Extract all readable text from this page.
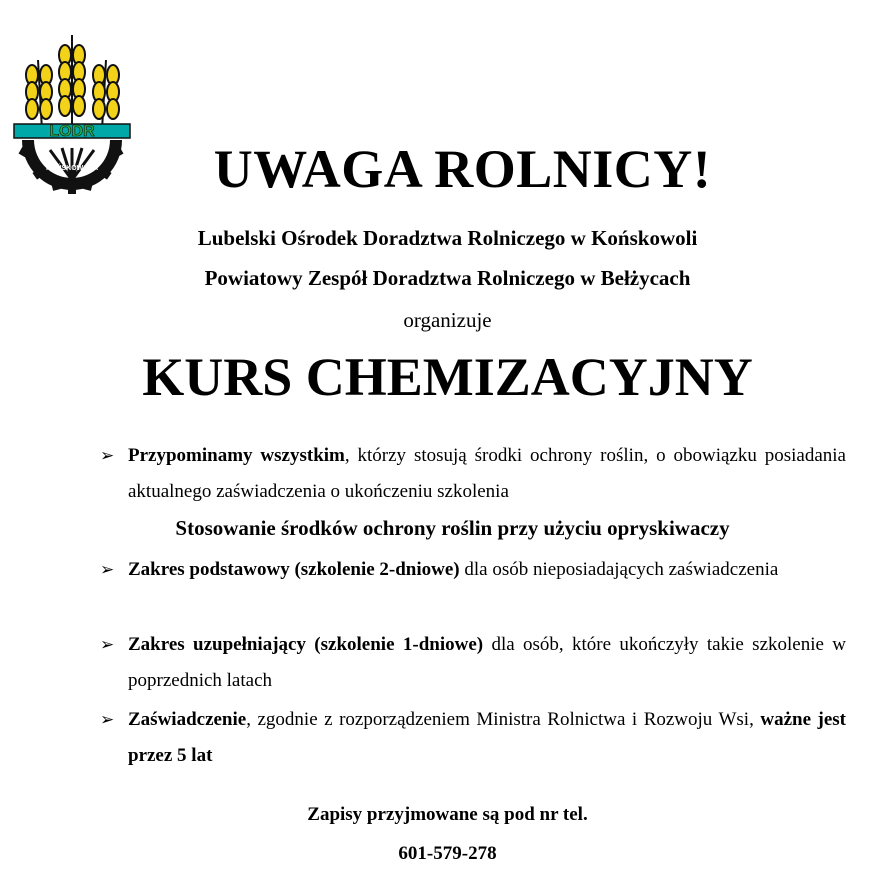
LODR
KOŃSKOWOLA	UWAGA ROLNICY!
Lubelski Ośrodek Doradztwa Rolniczego w Końskowoli
Powiatowy Zespół Doradztwa Rolniczego w Bełżycach
organizuje
KURS CHEMIZACYJNY
➢ Przypominamy wszystkim, którzy stosują środki ochrony roślin, o obowiązku posiadania aktualnego zaświadczenia o ukończeniu szkolenia
Stosowanie środków ochrony roślin przy użyciu opryskiwaczy
➢ Zakres podstawowy (szkolenie 2-dniowe) dla osób nieposiadających zaświadczenia
➢ Zakres uzupełniający (szkolenie 1-dniowe) dla osób, które ukończyły takie szkolenie w poprzednich latach
➢ Zaświadczenie, zgodnie z rozporządzeniem Ministra Rolnictwa i Rozwoju Wsi, ważne jest przez 5 lat
Zapisy przyjmowane są pod nr tel.
601-579-278
